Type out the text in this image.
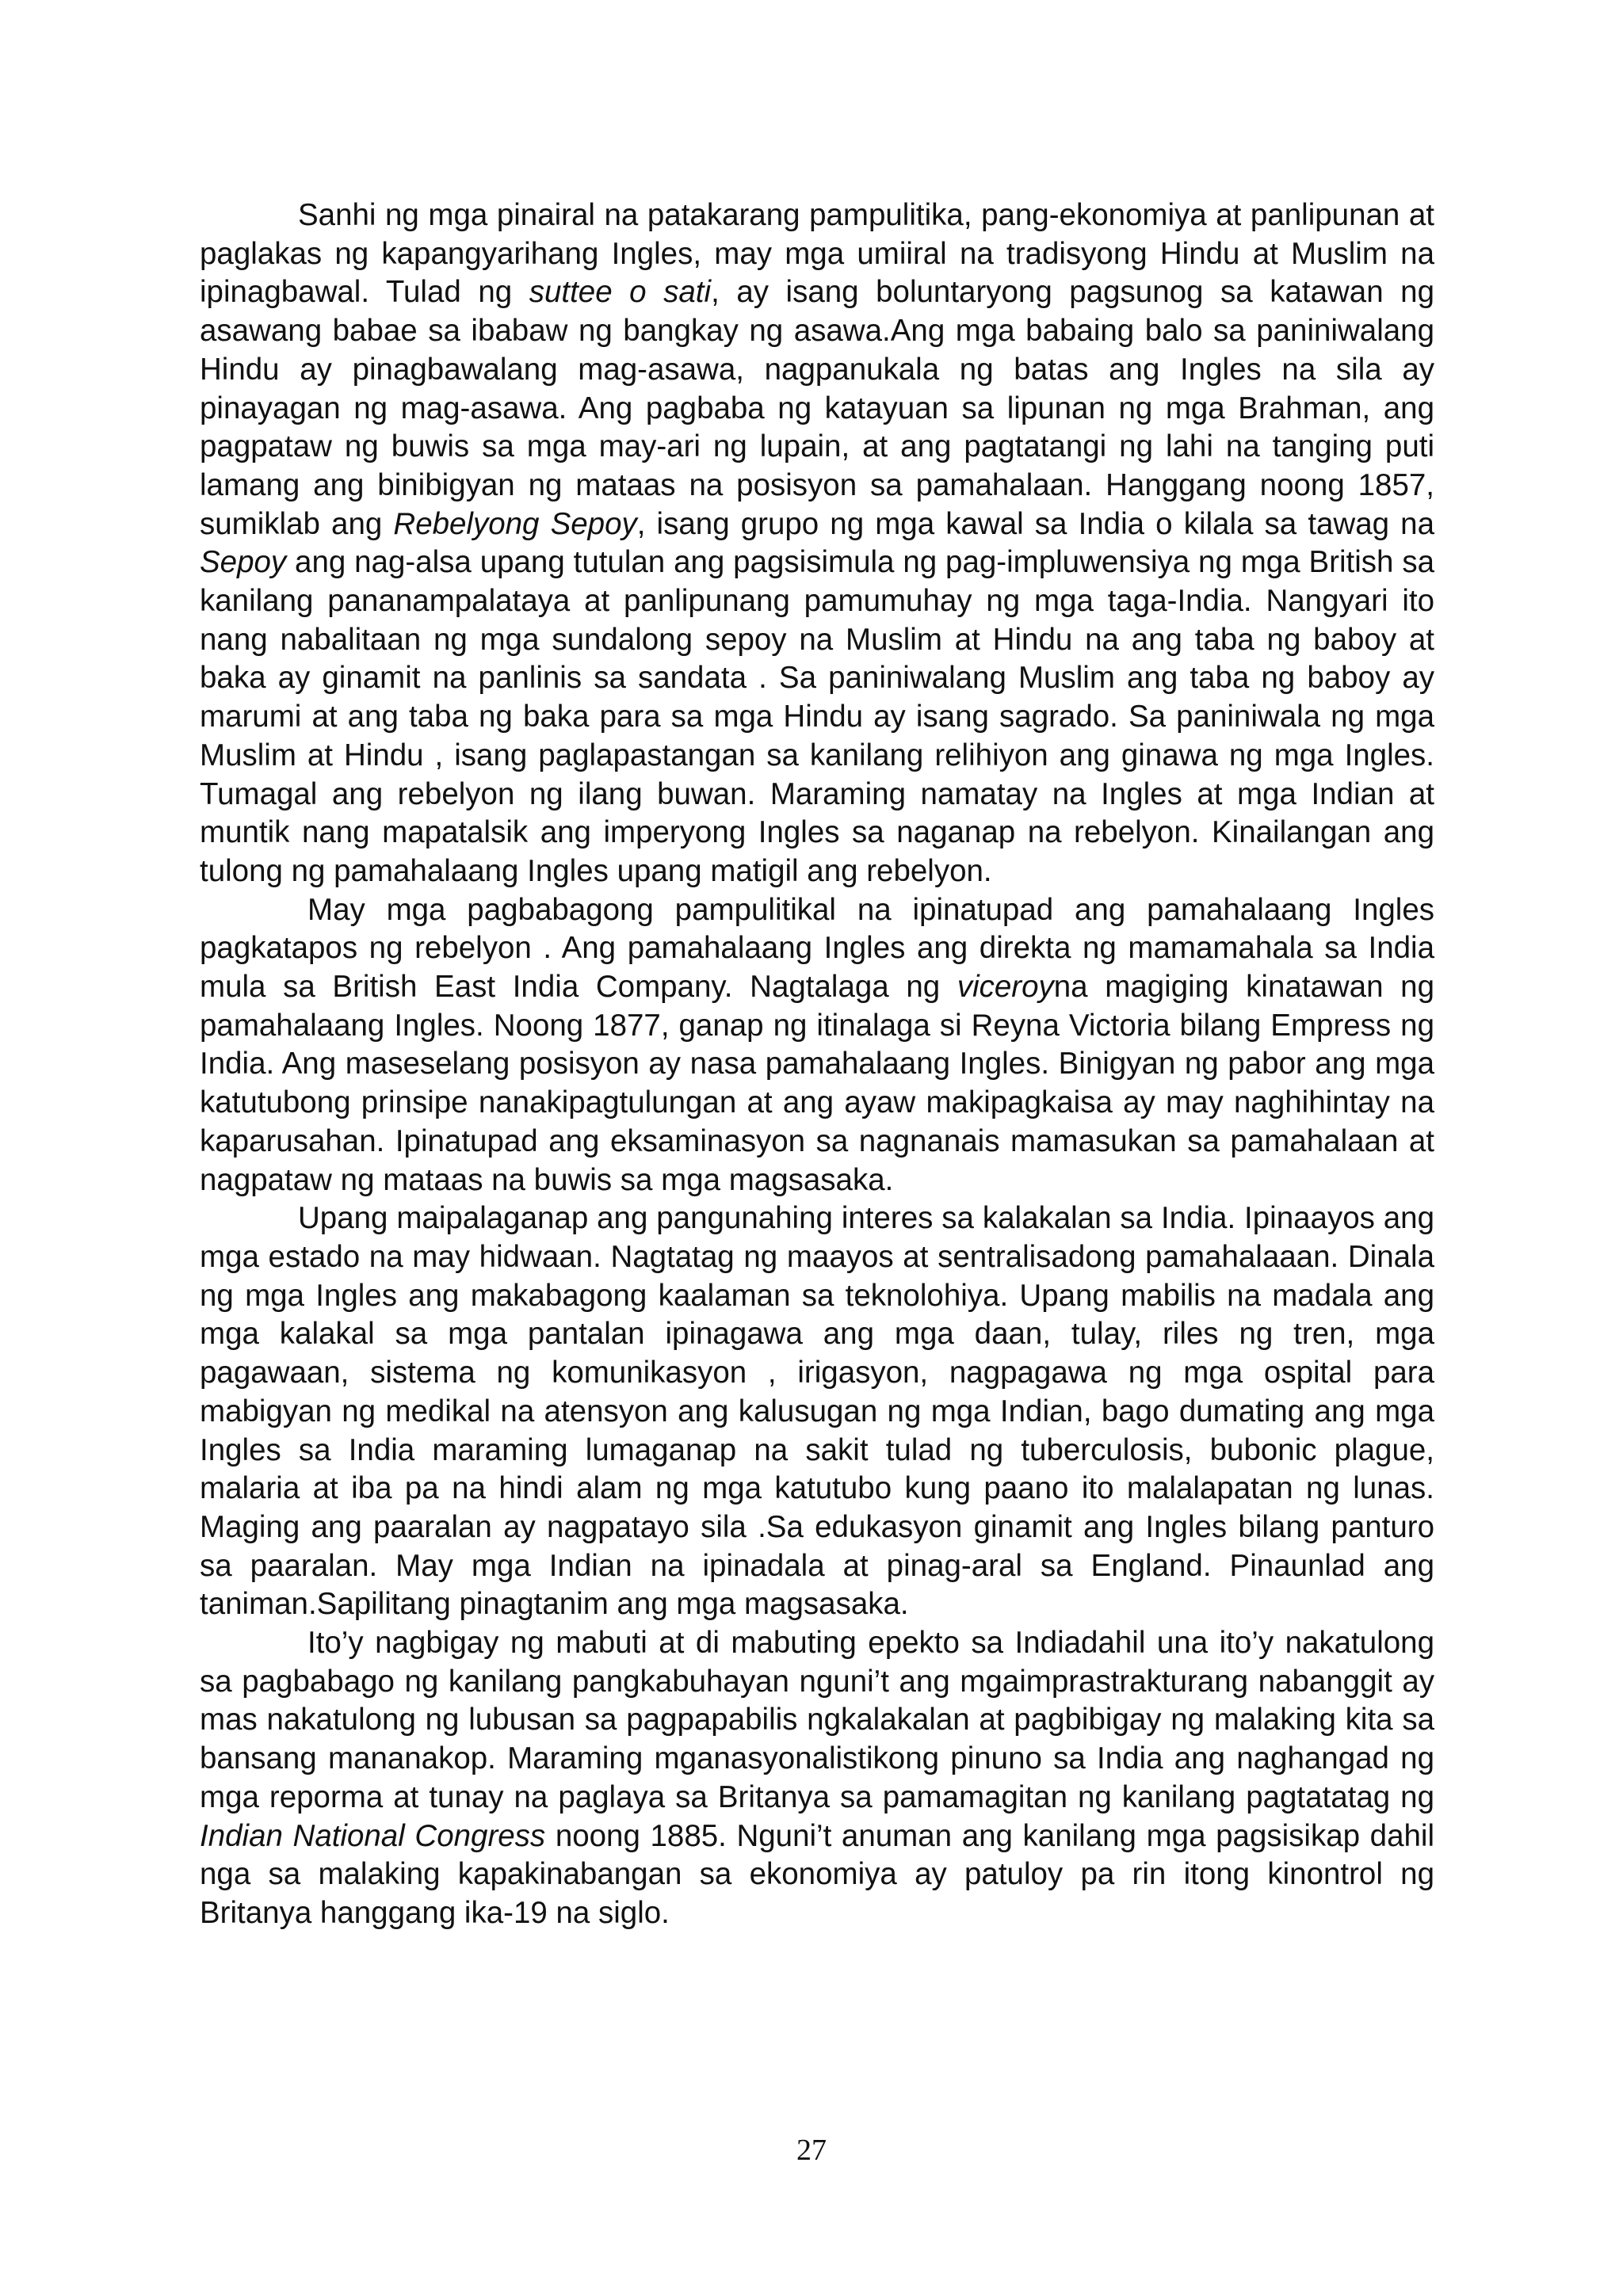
Sanhi ng mga pinairal na patakarang pampulitika, pang-ekonomiya at panlipunan at paglakas ng kapangyarihang Ingles, may mga umiiral na tradisyong Hindu at Muslim na ipinagbawal. Tulad ng suttee o sati, ay isang boluntaryong pagsunog sa katawan ng asawang babae sa ibabaw ng bangkay ng asawa.Ang mga babaing balo sa paniniwalang Hindu ay pinagbawalang mag-asawa, nagpanukala ng batas ang Ingles na sila ay pinayagan ng mag-asawa. Ang pagbaba ng katayuan sa lipunan ng mga Brahman, ang pagpataw ng buwis sa mga may-ari ng lupain, at ang pagtatangi ng lahi na tanging puti lamang ang binibigyan ng mataas na posisyon sa pamahalaan. Hanggang noong 1857, sumiklab ang Rebelyong Sepoy, isang grupo ng mga kawal sa India o kilala sa tawag na Sepoy ang nag-alsa upang tutulan ang pagsisimula ng pag-impluwensiya ng mga British sa kanilang pananampalataya at panlipunang pamumuhay ng mga taga-India. Nangyari ito nang nabalitaan ng mga sundalong sepoy na Muslim at Hindu na ang taba ng baboy at baka ay ginamit na panlinis sa sandata . Sa paniniwalang Muslim ang taba ng baboy ay marumi at ang taba ng baka para sa mga Hindu ay isang sagrado. Sa paniniwala ng mga Muslim at Hindu , isang paglapastangan sa kanilang relihiyon ang ginawa ng mga Ingles. Tumagal ang rebelyon ng ilang buwan. Maraming namatay na Ingles at mga Indian at muntik nang mapatalsik ang imperyong Ingles sa naganap na rebelyon. Kinailangan ang tulong ng pamahalaang Ingles upang matigil ang rebelyon.

May mga pagbabagong pampulitikal na ipinatupad ang pamahalaang Ingles pagkatapos ng rebelyon . Ang pamahalaang Ingles ang direkta ng mamamahala sa India mula sa British East India Company. Nagtalaga ng viceroyna magiging kinatawan ng pamahalaang Ingles. Noong 1877, ganap ng itinalaga si Reyna Victoria bilang Empress ng India. Ang maseselang posisyon ay nasa pamahalaang Ingles. Binigyan ng pabor ang mga katutubong prinsipe nanakipagtulungan at ang ayaw makipagkaisa ay may naghihintay na kaparusahan. Ipinatupad ang eksaminasyon sa nagnanais mamasukan sa pamahalaan at nagpataw ng mataas na buwis sa mga magsasaka.

Upang maipalaganap ang pangunahing interes sa kalakalan sa India. Ipinaayos ang mga estado na may hidwaan. Nagtatag ng maayos at sentralisadong pamahalaaan. Dinala ng mga Ingles ang makabagong kaalaman sa teknolohiya. Upang mabilis na madala ang mga kalakal sa mga pantalan ipinagawa ang mga daan, tulay, riles ng tren, mga pagawaan, sistema ng komunikasyon , irigasyon, nagpagawa ng mga ospital para mabigyan ng medikal na atensyon ang kalusugan ng mga Indian, bago dumating ang mga Ingles sa India maraming lumaganap na sakit tulad ng tuberculosis, bubonic plague, malaria at iba pa na hindi alam ng mga katutubo kung paano ito malalapatan ng lunas. Maging ang paaralan ay nagpatayo sila .Sa edukasyon ginamit ang Ingles bilang panturo sa paaralan. May mga Indian na ipinadala at pinag-aral sa England. Pinaunlad ang taniman.Sapilitang pinagtanim ang mga magsasaka.

Ito’y nagbigay ng mabuti at di mabuting epekto sa Indiadahil una ito’y nakatulong sa pagbabago ng kanilang pangkabuhayan nguni’t ang mgaimprastrakturang nabanggit ay mas nakatulong ng lubusan sa pagpapabilis ngkalakalan at pagbibigay ng malaking kita sa bansang mananakop. Maraming mganasyonalistikong pinuno sa India ang naghangad ng mga reporma at tunay na paglaya sa Britanya sa pamamagitan ng kanilang pagtatatag ng Indian National Congress noong 1885. Nguni’t anuman ang kanilang mga pagsisikap dahil nga sa malaking kapakinabangan sa ekonomiya ay patuloy pa rin itong kinontrol ng Britanya hanggang ika-19 na siglo.

27
